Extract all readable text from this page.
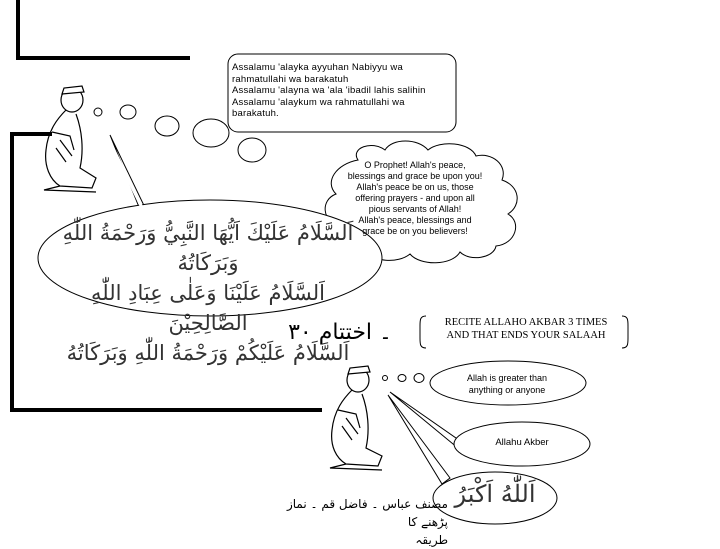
Assalamu 'alayka ayyuhan Nabiyyu wa
rahmatullahi wa barakatuh
Assalamu 'alayna wa 'ala 'ibadil lahis salihin
Assalamu 'alaykum wa rahmatullahi wa
barakatuh.
O Prophet! Allah's peace,
blessings and grace be upon you!
Allah's peace be on us, those
offering prayers - and upon all
pious servants of Allah!
Allah's peace, blessings and
grace be on you believers!
اَلسَّلَامُ عَلَيْكَ اَيُّهَا النَّبِيُّ وَرَحْمَةُ اللّٰهِ وَبَرَكَاتُهُ
اَلسَّلَامُ عَلَيْنَا وَعَلٰى عِبَادِ اللّٰهِ الصَّالِحِيْنَ
اَلسَّلَامُ عَلَيْكُمْ وَرَحْمَةُ اللّٰهِ وَبَرَكَاتُهُ
۔ اختتام ۳۰	RECITE ALLAHO AKBAR 3 TIMES
AND THAT ENDS YOUR SALAAH
Allah is greater than
anything or anyone
Allahu Akber
اَللّٰهُ اَكْبَرُ
مصنف عباس ۔ فاضل قم ۔ نماز پڑھنے کا
طریقہ
